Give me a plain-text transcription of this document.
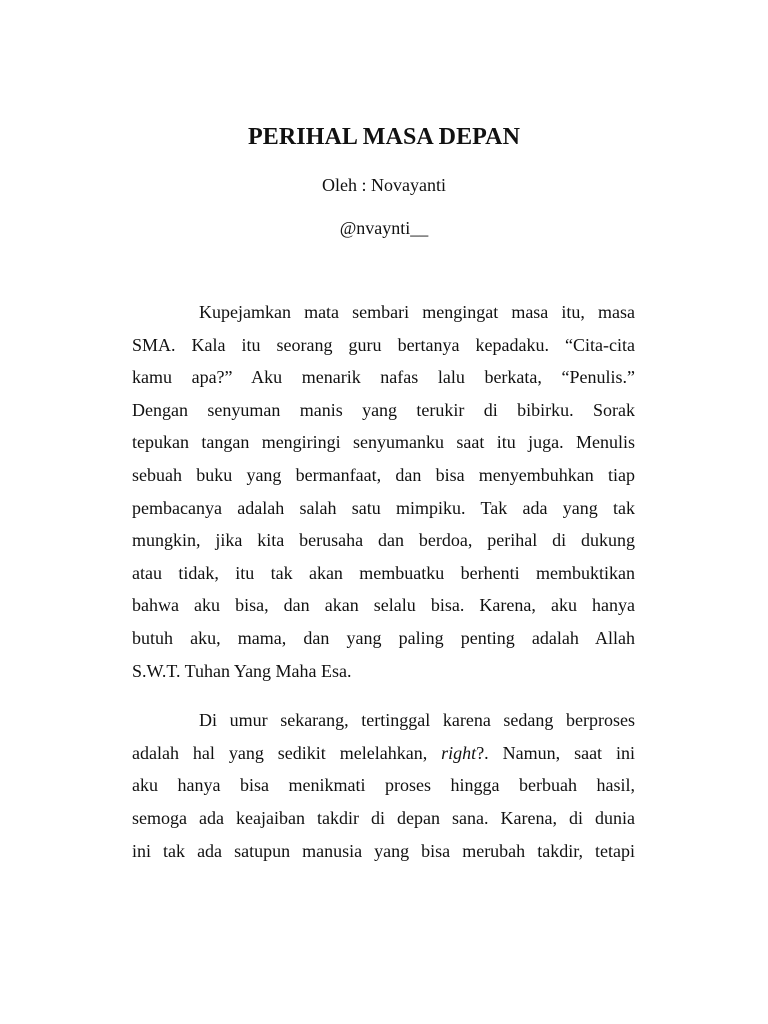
PERIHAL MASA DEPAN

Oleh : Novayanti

@nvaynti__

Kupejamkan mata sembari mengingat masa itu, masa
SMA. Kala itu seorang guru bertanya kepadaku. “Cita-cita
kamu apa?” Aku menarik nafas lalu berkata, “Penulis.”
Dengan senyuman manis yang terukir di bibirku. Sorak
tepukan tangan mengiringi senyumanku saat itu juga. Menulis
sebuah buku yang bermanfaat, dan bisa menyembuhkan tiap
pembacanya adalah salah satu mimpiku. Tak ada yang tak
mungkin, jika kita berusaha dan berdoa, perihal di dukung
atau tidak, itu tak akan membuatku berhenti membuktikan
bahwa aku bisa, dan akan selalu bisa. Karena, aku hanya
butuh aku, mama, dan yang paling penting adalah Allah
S.W.T. Tuhan Yang Maha Esa.
Di umur sekarang, tertinggal karena sedang berproses
adalah hal yang sedikit melelahkan, right?. Namun, saat ini
aku hanya bisa menikmati proses hingga berbuah hasil,
semoga ada keajaiban takdir di depan sana. Karena, di dunia
ini tak ada satupun manusia yang bisa merubah takdir, tetapi
